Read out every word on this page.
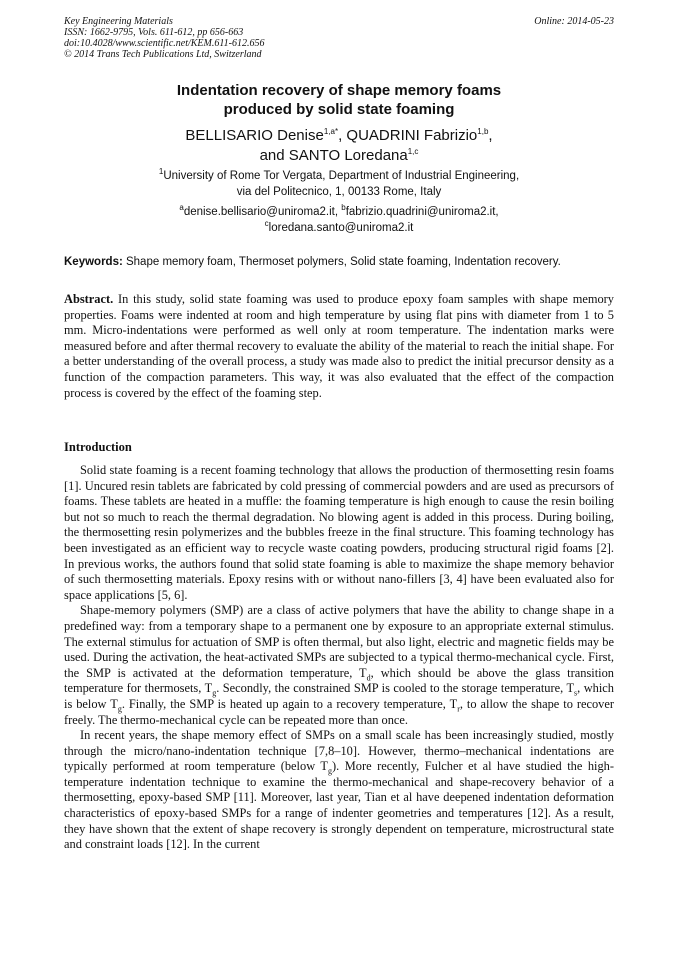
Key Engineering Materials
ISSN: 1662-9795, Vols. 611-612, pp 656-663
doi:10.4028/www.scientific.net/KEM.611-612.656
© 2014 Trans Tech Publications Ltd, Switzerland
Online: 2014-05-23
Indentation recovery of shape memory foams
produced by solid state foaming
BELLISARIO Denise$^{1,a*}$, QUADRINI Fabrizio$^{1,b}$,
and SANTO Loredana$^{1,c}$
$^1$University of Rome Tor Vergata, Department of Industrial Engineering,
via del Politecnico, 1, 00133 Rome, Italy
$^a$denise.bellisario@uniroma2.it, $^b$fabrizio.quadrini@uniroma2.it,
$^c$loredana.santo@uniroma2.it
Keywords: Shape memory foam, Thermoset polymers, Solid state foaming, Indentation recovery.
Abstract. In this study, solid state foaming was used to produce epoxy foam samples with shape memory properties. Foams were indented at room and high temperature by using flat pins with diameter from 1 to 5 mm. Micro-indentations were performed as well only at room temperature. The indentation marks were measured before and after thermal recovery to evaluate the ability of the material to reach the initial shape. For a better understanding of the overall process, a study was made also to predict the initial precursor density as a function of the compaction parameters. This way, it was also evaluated that the effect of the compaction process is covered by the effect of the foaming step.
Introduction

Solid state foaming is a recent foaming technology that allows the production of thermosetting resin foams [1]. Uncured resin tablets are fabricated by cold pressing of commercial powders and are used as precursors of foams. These tablets are heated in a muffle: the foaming temperature is high enough to cause the resin boiling but not so much to reach the thermal degradation. No blowing agent is added in this process. During boiling, the thermosetting resin polymerizes and the bubbles freeze in the final structure. This foaming technology has been investigated as an efficient way to recycle waste coating powders, producing structural rigid foams [2]. In previous works, the authors found that solid state foaming is able to maximize the shape memory behavior of such thermosetting materials. Epoxy resins with or without nano-fillers [3, 4] have been evaluated also for space applications [5, 6].

Shape-memory polymers (SMP) are a class of active polymers that have the ability to change shape in a predefined way: from a temporary shape to a permanent one by exposure to an appropriate external stimulus. The external stimulus for actuation of SMP is often thermal, but also light, electric and magnetic fields may be used. During the activation, the heat-activated SMPs are subjected to a typical thermo-mechanical cycle. First, the SMP is activated at the deformation temperature, $T_d$, which should be above the glass transition temperature for thermosets, $T_g$. Secondly, the constrained SMP is cooled to the storage temperature, $T_s$, which is below $T_g$. Finally, the SMP is heated up again to a recovery temperature, $T_r$, to allow the shape to recover freely. The thermo-mechanical cycle can be repeated more than once.

In recent years, the shape memory effect of SMPs on a small scale has been increasingly studied, mostly through the micro/nano-indentation technique [7,8–10]. However, thermo–mechanical indentations are typically performed at room temperature (below $T_g$). More recently, Fulcher et al have studied the high-temperature indentation technique to examine the thermo-mechanical and shape-recovery behavior of a thermosetting, epoxy-based SMP [11]. Moreover, last year, Tian et al have deepened indentation deformation characteristics of epoxy-based SMPs for a range of indenter geometries and temperatures [12]. As a result, they have shown that the extent of shape recovery is strongly dependent on temperature, microstructural state and constraint loads [12]. In the current
